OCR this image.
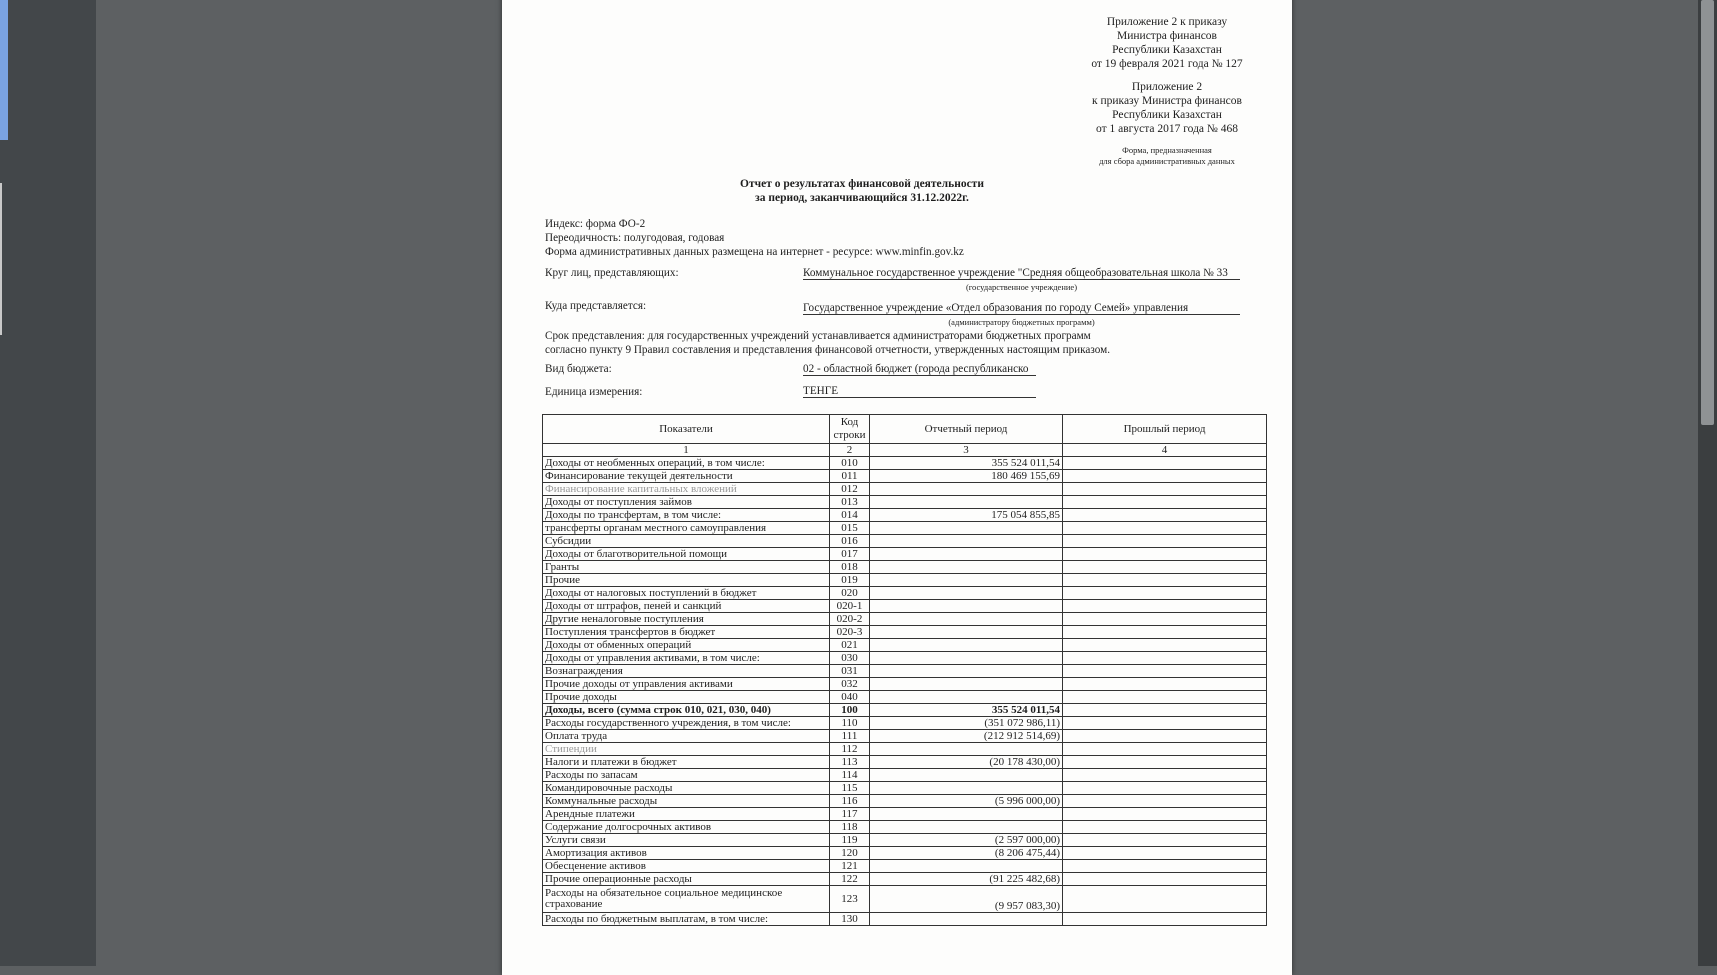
Приложение 2 к приказу
Министра финансов
Республики Казахстан
от 19 февраля 2021 года № 127
Приложение 2
к приказу Министра финансов
Республики Казахстан
от 1 августа 2017 года № 468
Форма, предназначенная
для сбора административных данных
Отчет о результатах финансовой деятельности
за период, заканчивающийся 31.12.2022г.
Индекс: форма ФО-2
Переодичность: полугодовая, годовая
Форма административных данных размещена на интернет - ресурсе: www.minfin.gov.kz
Круг лиц, представляющих:	Коммунальное государственное учреждение "Средняя общеобразовательная школа № 33
(государственное учреждение)
Куда представляется:	Государственное учреждение «Отдел образования по городу Семей» управления
(администратору бюджетных программ)
Срок представления: для государственных учреждений устанавливается администраторами бюджетных программ
согласно пункту 9 Правил составления и представления финансовой отчетности, утвержденных настоящим приказом.
Вид бюджета:	02 - областной бюджет (города республиканско
Единица измерения:	ТЕНГЕ
Показатели	Код строки	Отчетный период	Прошлый период
1	2	3	4
Доходы от необменных операций, в том числе:	010	355 524 011,54	
Финансирование текущей деятельности	011	180 469 155,69	
Финансирование капитальных вложений	012		
Доходы от поступления займов	013		
Доходы по трансфертам, в том числе:	014	175 054 855,85	
трансферты органам местного самоуправления	015		
Субсидии	016		
Доходы от благотворительной помощи	017		
Гранты	018		
Прочие	019		
Доходы от налоговых поступлений в бюджет	020		
Доходы от штрафов, пеней и санкций	020-1		
Другие неналоговые поступления	020-2		
Поступления трансфертов в бюджет	020-3		
Доходы от обменных операций	021		
Доходы от управления активами, в том числе:	030		
Вознаграждения	031		
Прочие доходы от управления активами	032		
Прочие доходы	040		
Доходы, всего (сумма строк 010, 021, 030, 040)	100	355 524 011,54	
Расходы государственного учреждения, в том числе:	110	(351 072 986,11)	
Оплата труда	111	(212 912 514,69)	
Стипендии	112		
Налоги и платежи в бюджет	113	(20 178 430,00)	
Расходы по запасам	114		
Командировочные расходы	115		
Коммунальные расходы	116	(5 996 000,00)	
Арендные платежи	117		
Содержание долгосрочных активов	118		
Услуги связи	119	(2 597 000,00)	
Амортизация активов	120	(8 206 475,44)	
Обесценение активов	121		
Прочие операционные расходы	122	(91 225 482,68)	
Расходы на обязательное социальное медицинское страхование	123	(9 957 083,30)	
Расходы по бюджетным выплатам, в том числе:	130		
